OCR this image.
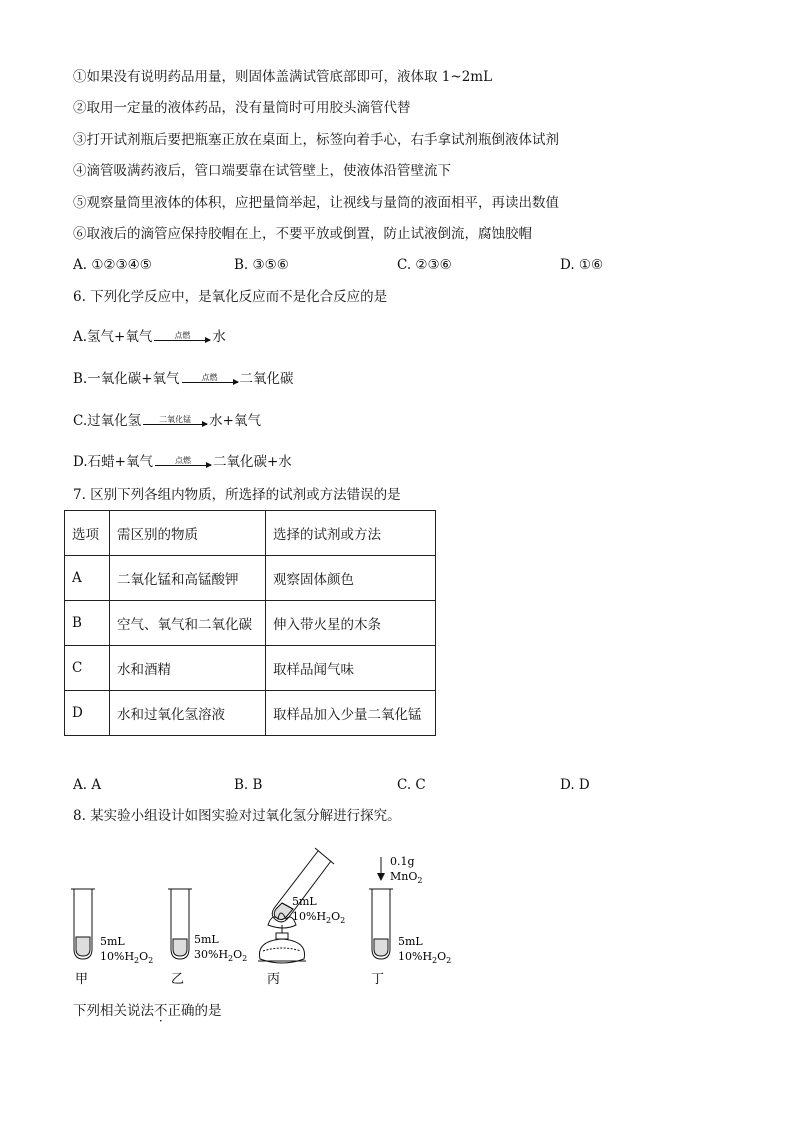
①如果没有说明药品用量，则固体盖满试管底部即可，液体取 1~2mL
②取用一定量的液体药品，没有量筒时可用胶头滴管代替
③打开试剂瓶后要把瓶塞正放在桌面上，标签向着手心，右手拿试剂瓶倒液体试剂
④滴管吸满药液后，管口端要靠在试管壁上，使液体沿管壁流下
⑤观察量筒里液体的体积，应把量筒举起，让视线与量筒的液面相平，再读出数值
⑥取液后的滴管应保持胶帽在上，不要平放或倒置，防止试液倒流，腐蚀胶帽
A. ①②③④⑤	B. ③⑤⑥	C. ②③⑥	D. ①⑥
6. 下列化学反应中，是氧化反应而不是化合反应的是
A. 氢气+氧气	点燃 水
B. 一氧化碳+氧气	点燃 二氧化碳
C. 过氧化氢 二氧化锰 水+氧气
D. 石蜡+氧气	点燃 二氧化碳+水
7. 区别下列各组内物质，所选择的试剂或方法错误的是
选项	需区别的物质	选择的试剂或方法
A	二氧化锰和高锰酸钾	观察固体颜色
B	空气、氧气和二氧化碳	伸入带火星的木条
C	水和酒精	取样品闻气味
D	水和过氧化氢溶液	取样品加入少量二氧化锰
A. A	B. B	C. C	D. D
8. 某实验小组设计如图实验对过氧化氢分解进行探究。
5mL
$10\%H_2O_2$
甲
5mL
$30\%H_2O_2$
乙
5mL
$10\%H_2O_2$
丙
0.1g
MnO$_2$
5mL
$10\%H_2O_2$
丁
下列相关说法不正确的是
